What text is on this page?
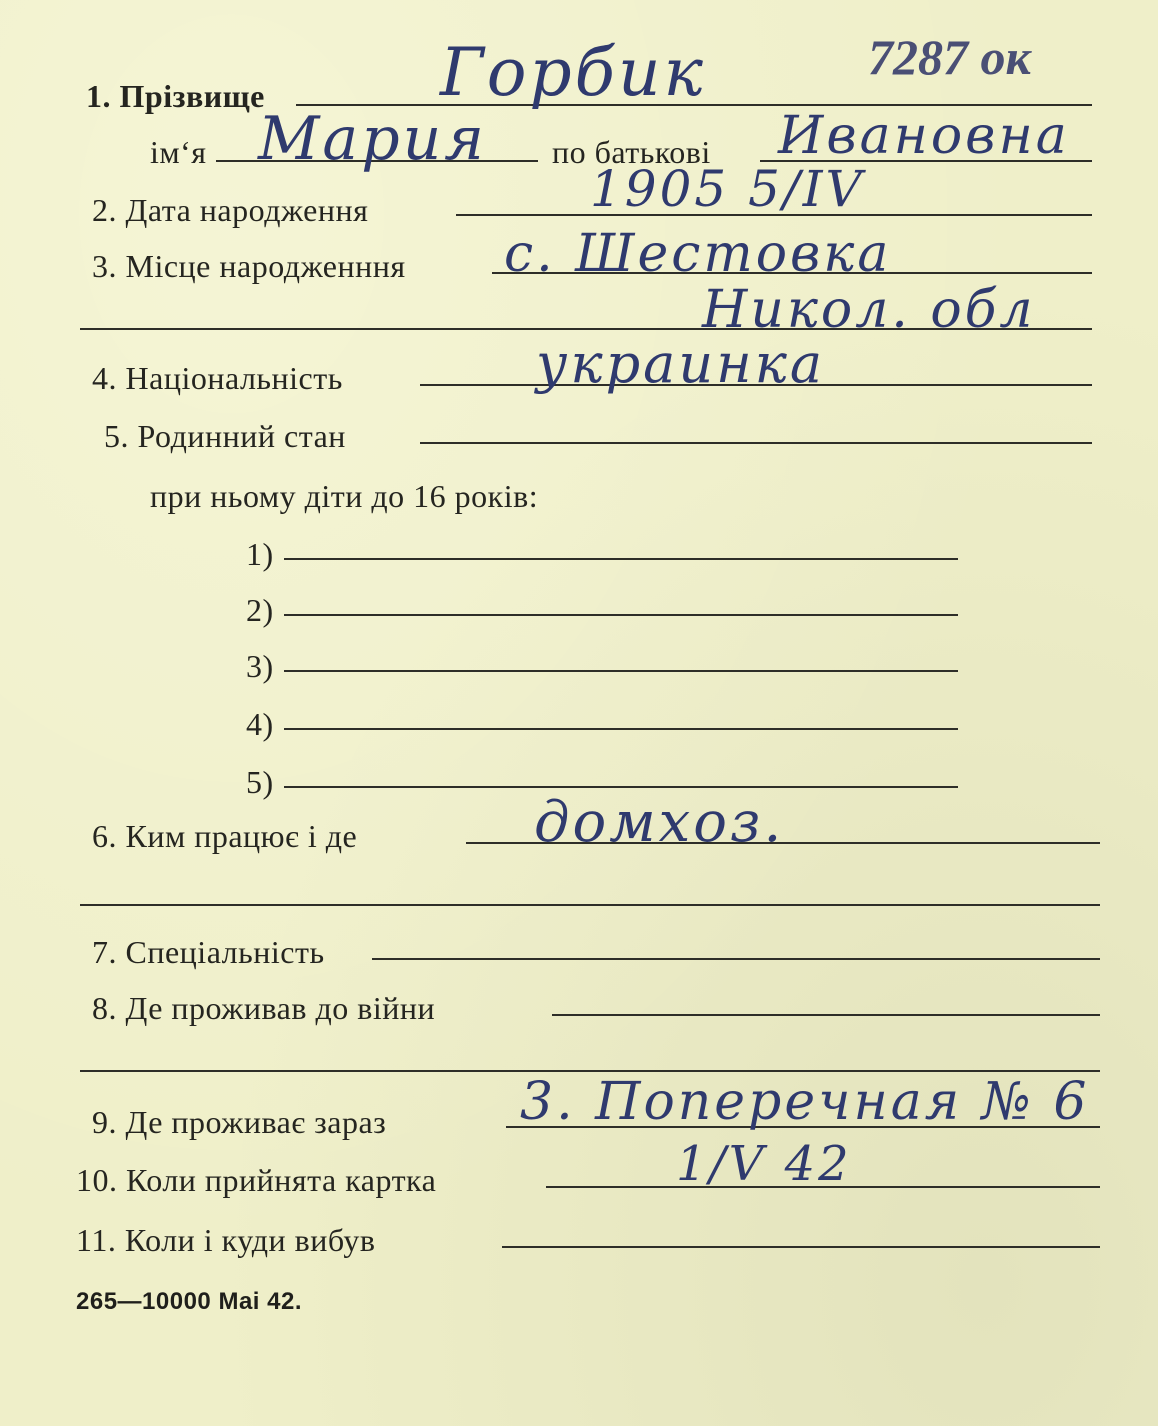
1. Прізвище	Горбик	7287 ок
ім‘я Мария по батькові Ивановна
2. Дата народження	1905 5/IV
3. Місце народженння с. Шестовка
Никол. обл
4. Національність	украинка
5. Родинний стан
при ньому діти до 16 років:
1)
2)
3)
4)
5)
6. Ким працює і де	домхоз.
7. Спеціальність
8. Де проживав до війни
9. Де проживає зараз	3. Поперечная № 6
10. Коли прийнята картка	1/V 42
11. Коли і куди вибув
265—10000 Mai 42.
